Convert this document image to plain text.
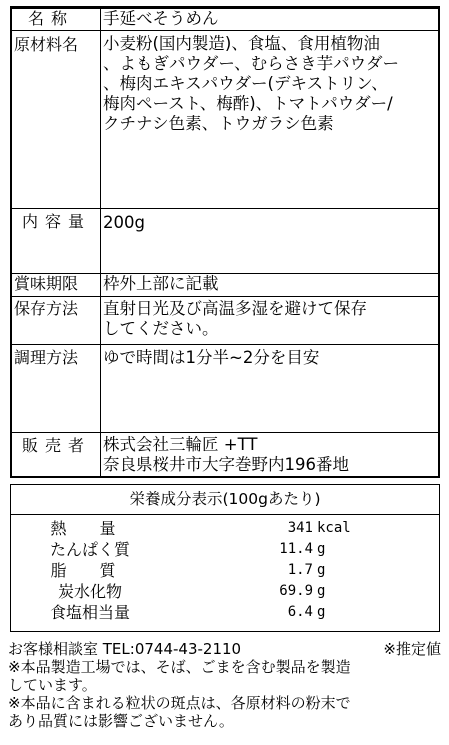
名称	手延べそうめん
原材料名	小麦粉(国内製造)、食塩、食用植物油
、よもぎパウダー、むらさき芋パウダー
、梅肉エキスパウダー(デキストリン、
梅肉ペースト、梅酢)、トマトパウダー/
クチナシ色素、トウガラシ色素
内容量 200g
賞味期限	枠外上部に記載
保存方法	直射日光及び高温多湿を避けて保存
してください。
調理方法	ゆで時間は1分半~2分を目安
販売者 株式会社三輪匠 +TT
奈良県桜井市大字巻野内196番地
栄養成分表示(100gあたり)
熱 量	341 kcal
たんぱく質	11.4 g
脂 質	1.7 g
炭水化物	69.9 g
食塩相当量	6.4 g
お客様相談室 TEL:0744-43-2110	※推定値
※本品製造工場では、そば、ごまを含む製品を製造
しています。
※本品に含まれる粒状の斑点は、各原材料の粉末で
あり品質には影響ございません。
